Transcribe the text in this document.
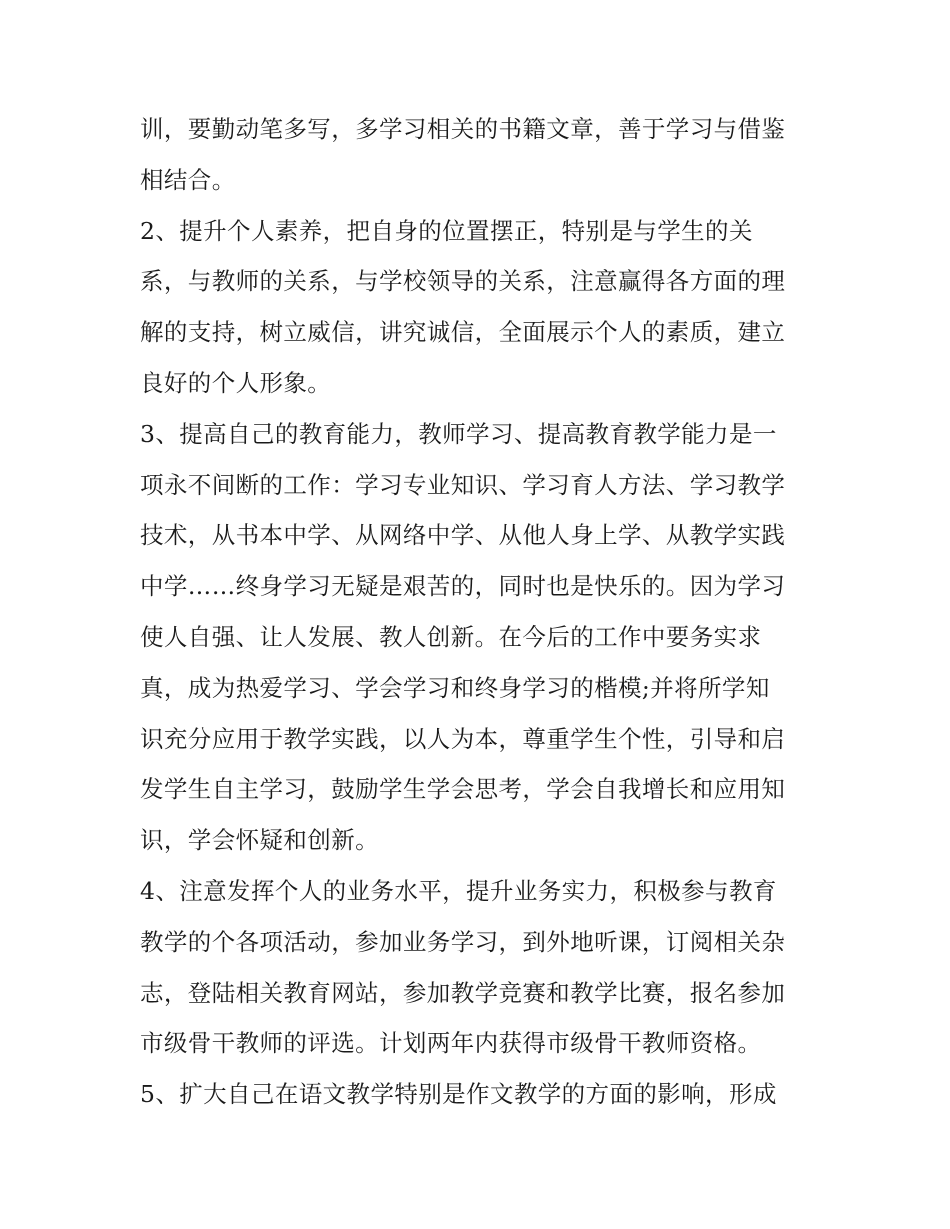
训，要勤动笔多写，多学习相关的书籍文章，善于学习与借鉴
相结合。

2、提升个人素养，把自身的位置摆正，特别是与学生的关
系，与教师的关系，与学校领导的关系，注意赢得各方面的理
解的支持，树立威信，讲究诚信，全面展示个人的素质，建立
良好的个人形象。

3、提高自己的教育能力，教师学习、提高教育教学能力是一
项永不间断的工作：学习专业知识、学习育人方法、学习教学
技术，从书本中学、从网络中学、从他人身上学、从教学实践
中学……终身学习无疑是艰苦的，同时也是快乐的。因为学习
使人自强、让人发展、教人创新。在今后的工作中要务实求
真，成为热爱学习、学会学习和终身学习的楷模;并将所学知
识充分应用于教学实践，以人为本，尊重学生个性，引导和启
发学生自主学习，鼓励学生学会思考，学会自我增长和应用知
识，学会怀疑和创新。

4、注意发挥个人的业务水平，提升业务实力，积极参与教育
教学的个各项活动，参加业务学习，到外地听课，订阅相关杂
志，登陆相关教育网站，参加教学竞赛和教学比赛，报名参加
市级骨干教师的评选。计划两年内获得市级骨干教师资格。

5、扩大自己在语文教学特别是作文教学的方面的影响，形成
